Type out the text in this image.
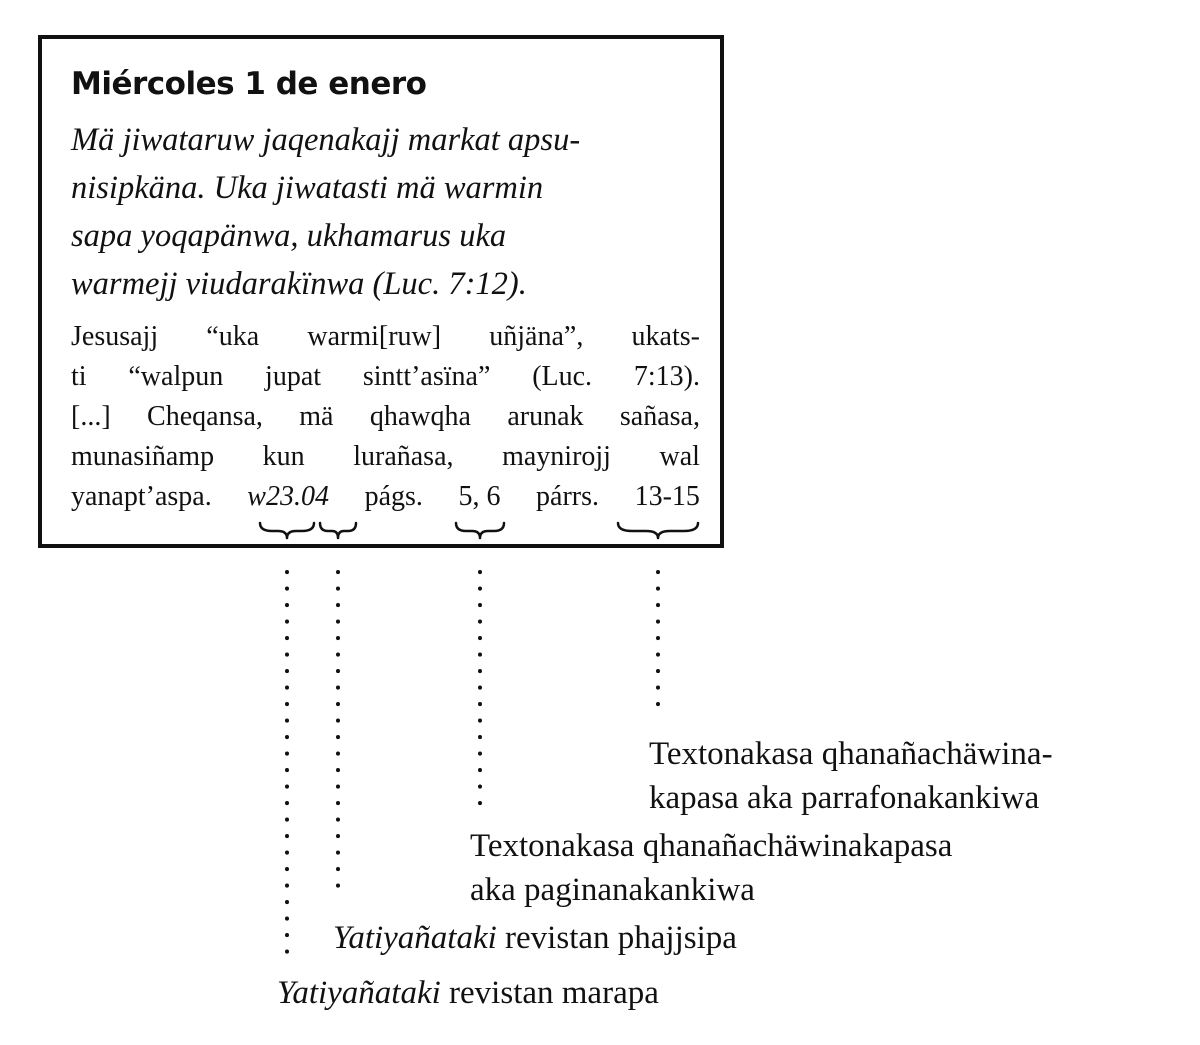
Miércoles 1 de enero
Mä jiwataruw jaqenakajj markat apsu-
nisipkäna. Uka jiwatasti mä warmin
sapa yoqapänwa, ukhamarus uka
warmejj viudarakïnwa (Luc. 7:12).
Jesusajj “uka warmi[ruw] uñjäna”, ukats-
ti “walpun jupat sintt’asïna” (Luc. 7:13).
[...] Cheqansa, mä qhawqha arunak sañasa,
munasiñamp kun lurañasa, maynirojj wal
yanapt’aspa. w23.04 págs. 5, 6 párrs. 13-15
Textonakasa qhanañachäwina-
kapasa aka parrafonakankiwa
Textonakasa qhanañachäwinakapasa
aka paginanakankiwa
Yatiyañataki revistan phajjsipa
Yatiyañataki revistan marapa
